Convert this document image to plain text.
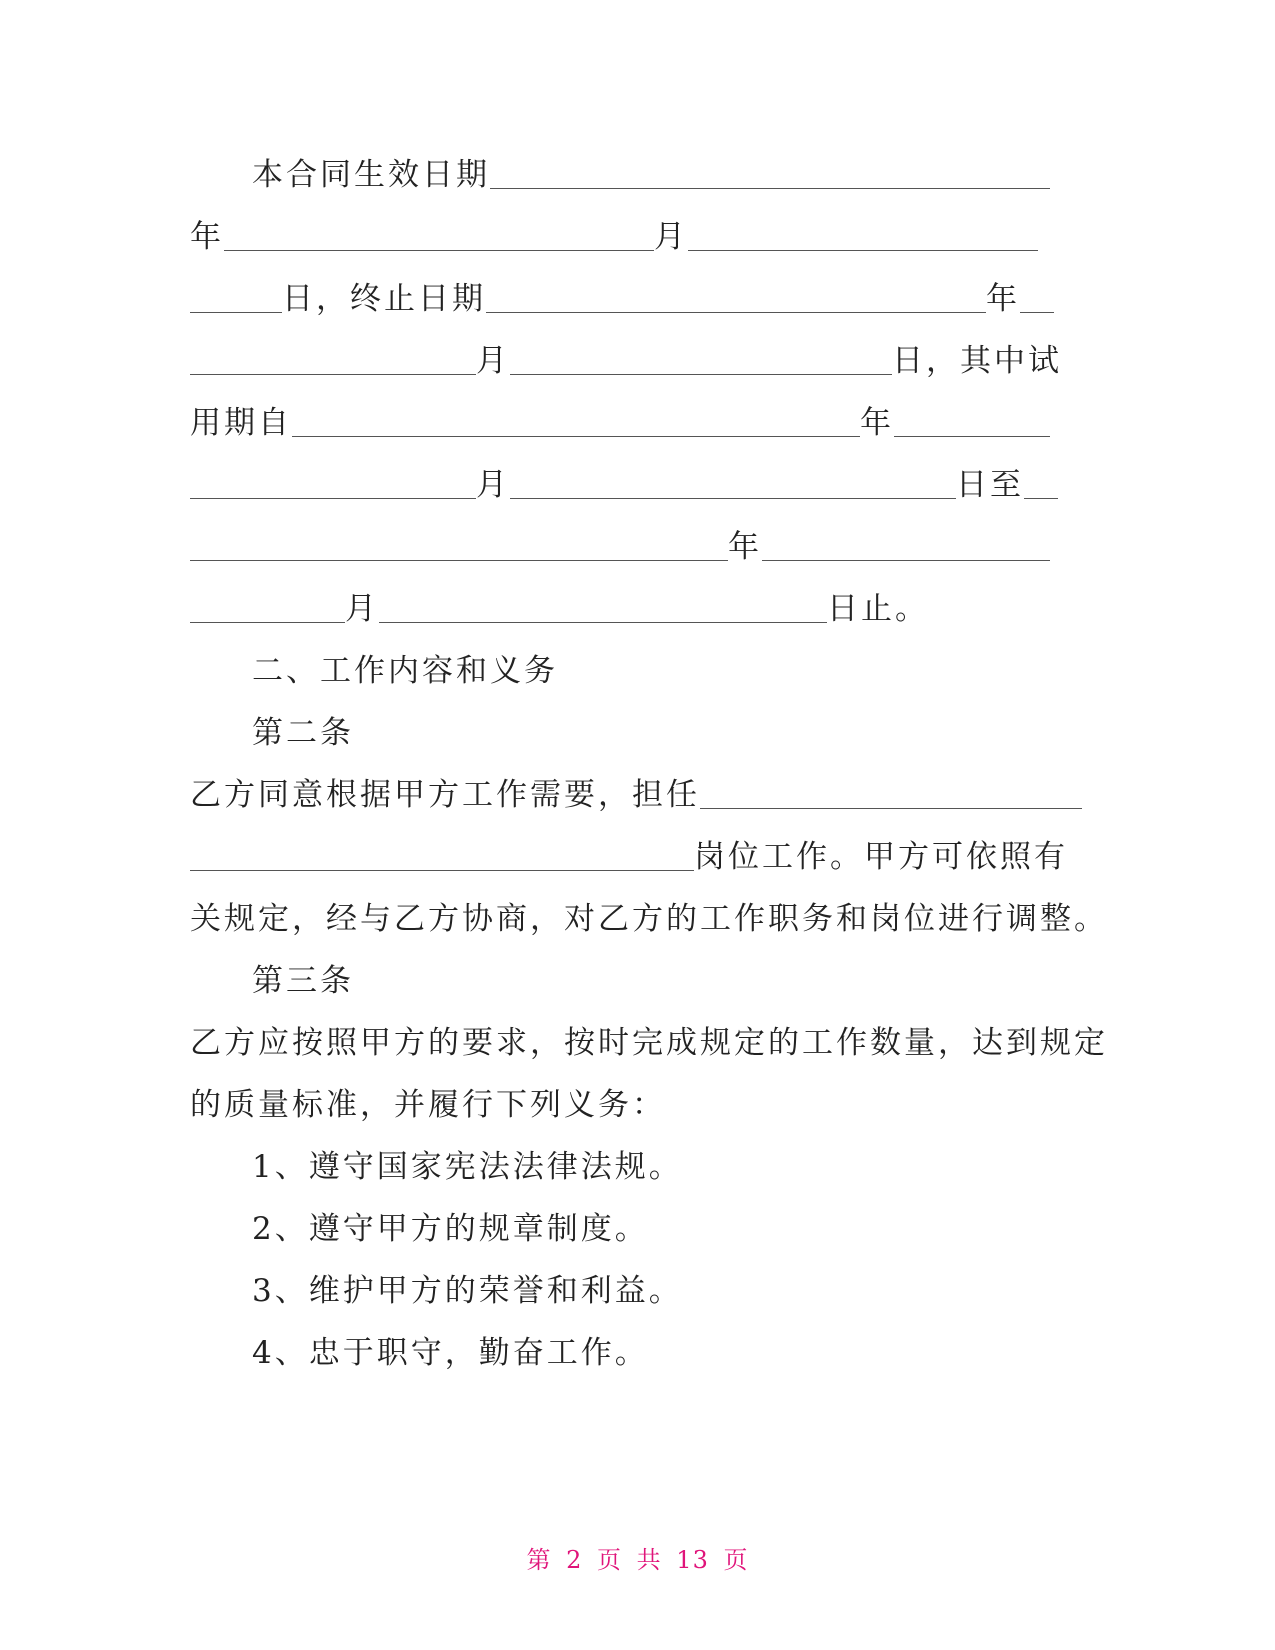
本合同生效日期
年	月
日，终止日期	年
月	日，其中试
用期自	年
月	日至
年
月	日止。
二、工作内容和义务
第二条
乙方同意根据甲方工作需要，担任
岗位工作。甲方可依照有
关规定，经与乙方协商，对乙方的工作职务和岗位进行调整。
第三条
乙方应按照甲方的要求，按时完成规定的工作数量，达到规定
的质量标准，并履行下列义务：
1、遵守国家宪法法律法规。
2、遵守甲方的规章制度。
3、维护甲方的荣誉和利益。
4、忠于职守，勤奋工作。
第 2 页 共 13 页
